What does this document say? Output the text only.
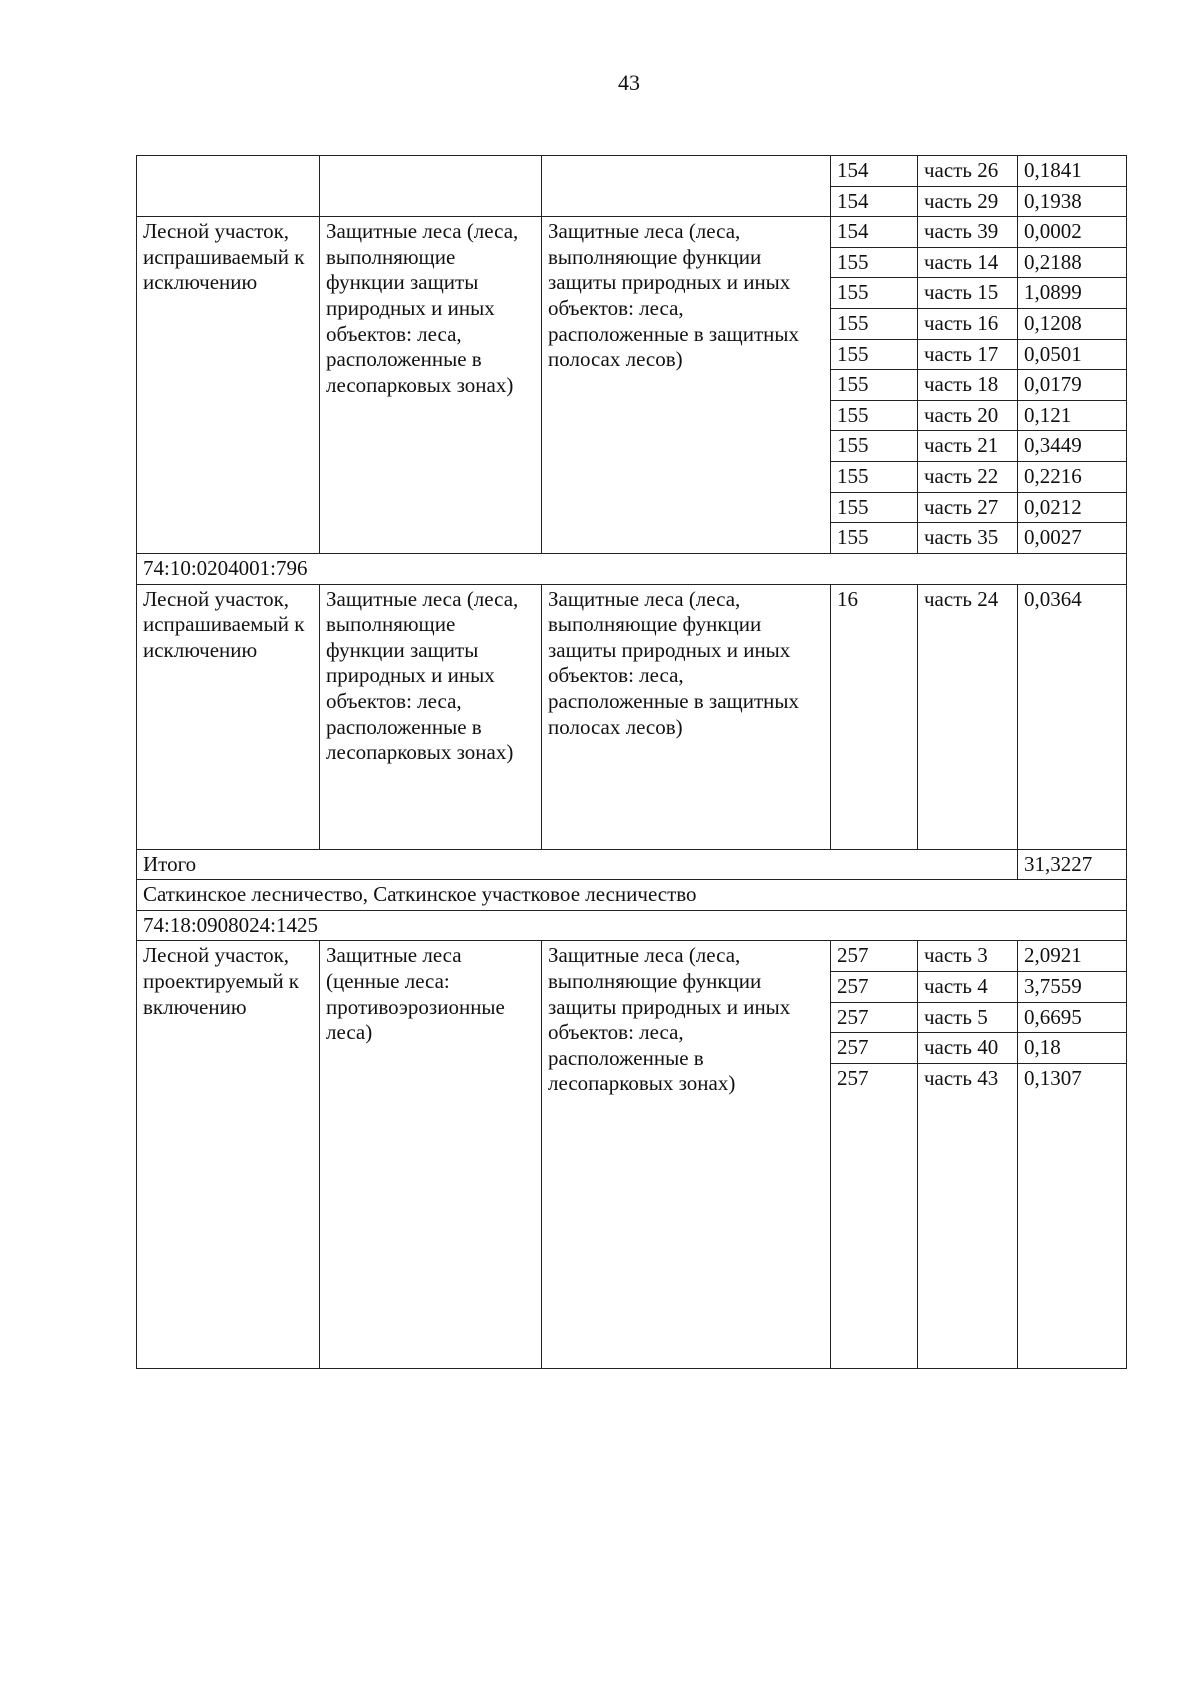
43
			154	часть 26	0,1841
			154	часть 29	0,1938
Лесной участок, испрашиваемый к исключению	Защитные леса (леса, выполняющие функции защиты природных и иных объектов: леса, расположенные в лесопарковых зонах)	Защитные леса (леса, выполняющие функции защиты природных и иных объектов: леса, расположенные в защитных полосах лесов)	154	часть 39	0,0002
			155	часть 14	0,2188
			155	часть 15	1,0899
			155	часть 16	0,1208
			155	часть 17	0,0501
			155	часть 18	0,0179
			155	часть 20	0,121
			155	часть 21	0,3449
			155	часть 22	0,2216
			155	часть 27	0,0212
			155	часть 35	0,0027
74:10:0204001:796					
Лесной участок, испрашиваемый к исключению	Защитные леса (леса, выполняющие функции защиты природных и иных объектов: леса, расположенные в лесопарковых зонах)	Защитные леса (леса, выполняющие функции защиты природных и иных объектов: леса, расположенные в защитных полосах лесов)	16	часть 24	0,0364
Итого					31,3227
Саткинское лесничество, Саткинское участковое лесничество					
74:18:0908024:1425					
Лесной участок, проектируемый к включению	Защитные леса (ценные леса: противоэрозионные леса)	Защитные леса (леса, выполняющие функции защиты природных и иных объектов: леса, расположенные в лесопарковых зонах)	257	часть 3	2,0921
			257	часть 4	3,7559
			257	часть 5	0,6695
			257	часть 40	0,18
			257	часть 43	0,1307
